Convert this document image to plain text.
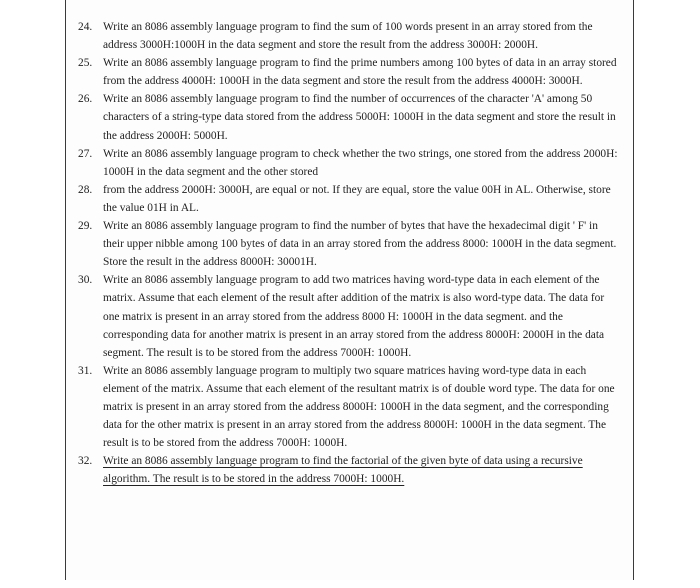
24. Write an 8086 assembly language program to find the sum of 100 words present in an array stored from the address 3000H:1000H in the data segment and store the result from the address 3000H: 2000H.
25. Write an 8086 assembly language program to find the prime numbers among 100 bytes of data in an array stored from the address 4000H: 1000H in the data segment and store the result from the address 4000H: 3000H.
26. Write an 8086 assembly language program to find the number of occurrences of the character 'A' among 50 characters of a string-type data stored from the address 5000H: 1000H in the data segment and store the result in the address 2000H: 5000H.
27. Write an 8086 assembly language program to check whether the two strings, one stored from the address 2000H: 1000H in the data segment and the other stored
28. from the address 2000H: 3000H, are equal or not. If they are equal, store the value 00H in AL. Otherwise, store the value 01H in AL.
29. Write an 8086 assembly language program to find the number of bytes that have the hexadecimal digit ' F' in their upper nibble among 100 bytes of data in an array stored from the address 8000: 1000H in the data segment. Store the result in the address 8000H: 30001H.
30. Write an 8086 assembly language program to add two matrices having word-type data in each element of the matrix. Assume that each element of the result after addition of the matrix is also word-type data. The data for one matrix is present in an array stored from the address 8000 H: 1000H in the data segment. and the corresponding data for another matrix is present in an array stored from the address 8000H: 2000H in the data segment. The result is to be stored from the address 7000H: 1000H.
31. Write an 8086 assembly language program to multiply two square matrices having word-type data in each element of the matrix. Assume that each element of the resultant matrix is of double word type. The data for one matrix is present in an array stored from the address 8000H: 1000H in the data segment, and the corresponding data for the other matrix is present in an array stored from the address 8000H: 1000H in the data segment. The result is to be stored from the address 7000H: 1000H.
32. Write an 8086 assembly language program to find the factorial of the given byte of data using a recursive algorithm. The result is to be stored in the address 7000H: 1000H.
